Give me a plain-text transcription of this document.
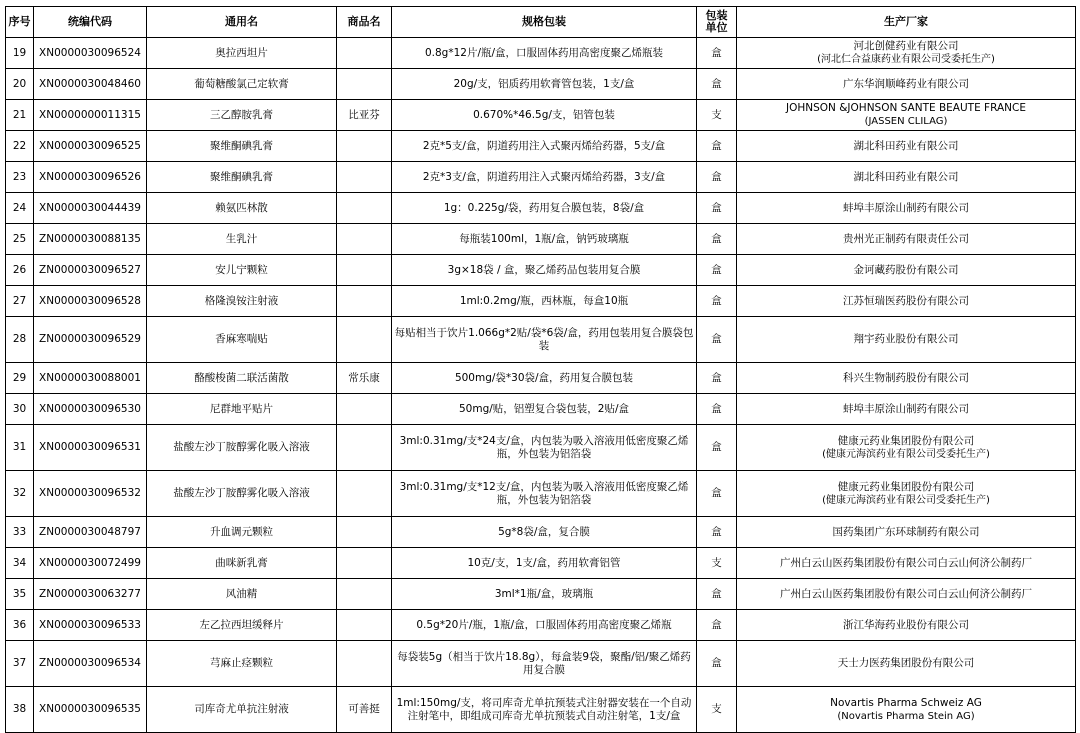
序号	统编代码	通用名	商品名	规格包装	包装单位	生产厂家
19	XN0000030096524	奥拉西坦片		0.8g*12片/瓶/盒，口服固体药用高密度聚乙烯瓶装	盒	河北创健药业有限公司
(河北仁合益康药业有限公司受委托生产)

20	XN0000030048460	葡萄糖酸氯己定软膏		20g/支，铝质药用软膏管包装，1支/盒	盒	广东华润顺峰药业有限公司

21	XN0000000011315	三乙醇胺乳膏	比亚芬	0.670%*46.5g/支，铝管包装	支	JOHNSON &JOHNSON SANTE BEAUTE FRANCE
(JASSEN CLILAG)

22	XN0000030096525	聚维酮碘乳膏		2克*5支/盒，阴道药用注入式聚丙烯给药器，5支/盒	盒	湖北科田药业有限公司

23	XN0000030096526	聚维酮碘乳膏		2克*3支/盒，阴道药用注入式聚丙烯给药器，3支/盒	盒	湖北科田药业有限公司

24	XN0000030044439	赖氨匹林散		1g：0.225g/袋，药用复合膜包装，8袋/盒	盒	蚌埠丰原涂山制药有限公司

25	ZN0000030088135	生乳汁		每瓶装100ml，1瓶/盒，钠钙玻璃瓶	盒	贵州光正制药有限责任公司

26	ZN0000030096527	安儿宁颗粒		3g×18袋 / 盒，聚乙烯药品包装用复合膜	盒	金诃藏药股份有限公司

27	XN0000030096528	格隆溴铵注射液		1ml:0.2mg/瓶，西林瓶，每盒10瓶	盒	江苏恒瑞医药股份有限公司

28	ZN0000030096529	香麻寒喘贴		每贴相当于饮片1.066g*2贴/袋*6袋/盒，药用包装用复合膜袋包装	盒	翔宇药业股份有限公司

29	XN0000030088001	酪酸梭菌二联活菌散	常乐康	500mg/袋*30袋/盒，药用复合膜包装	盒	科兴生物制药股份有限公司

30	XN0000030096530	尼群地平贴片		50mg/贴，铝塑复合袋包装，2贴/盒	盒	蚌埠丰原涂山制药有限公司

31	XN0000030096531	盐酸左沙丁胺醇雾化吸入溶液		3ml:0.31mg/支*24支/盒，内包装为吸入溶液用低密度聚乙烯瓶，外包装为铝箔袋	盒	健康元药业集团股份有限公司
(健康元海滨药业有限公司受委托生产)

32	XN0000030096532	盐酸左沙丁胺醇雾化吸入溶液		3ml:0.31mg/支*12支/盒，内包装为吸入溶液用低密度聚乙烯瓶，外包装为铝箔袋	盒	健康元药业集团股份有限公司
(健康元海滨药业有限公司受委托生产)

33	ZN0000030048797	升血调元颗粒		5g*8袋/盒，复合膜	盒	国药集团广东环球制药有限公司

34	XN0000030072499	曲咪新乳膏		10克/支，1支/盒，药用软膏铝管	支	广州白云山医药集团股份有限公司白云山何济公制药厂

35	ZN0000030063277	风油精		3ml*1瓶/盒，玻璃瓶	盒	广州白云山医药集团股份有限公司白云山何济公制药厂

36	XN0000030096533	左乙拉西坦缓释片		0.5g*20片/瓶，1瓶/盒，口服固体药用高密度聚乙烯瓶	盒	浙江华海药业股份有限公司

37	ZN0000030096534	芎麻止痉颗粒		每袋装5g（相当于饮片18.8g），每盒装9袋，聚酯/铝/聚乙烯药用复合膜	盒	天士力医药集团股份有限公司

38	XN0000030096535	司库奇尤单抗注射液	可善挺	1ml:150mg/支，将司库奇尤单抗预装式注射器安装在一个自动注射笔中，即组成司库奇尤单抗预装式自动注射笔，1支/盒	支	Novartis Pharma Schweiz AG
(Novartis Pharma Stein AG)
